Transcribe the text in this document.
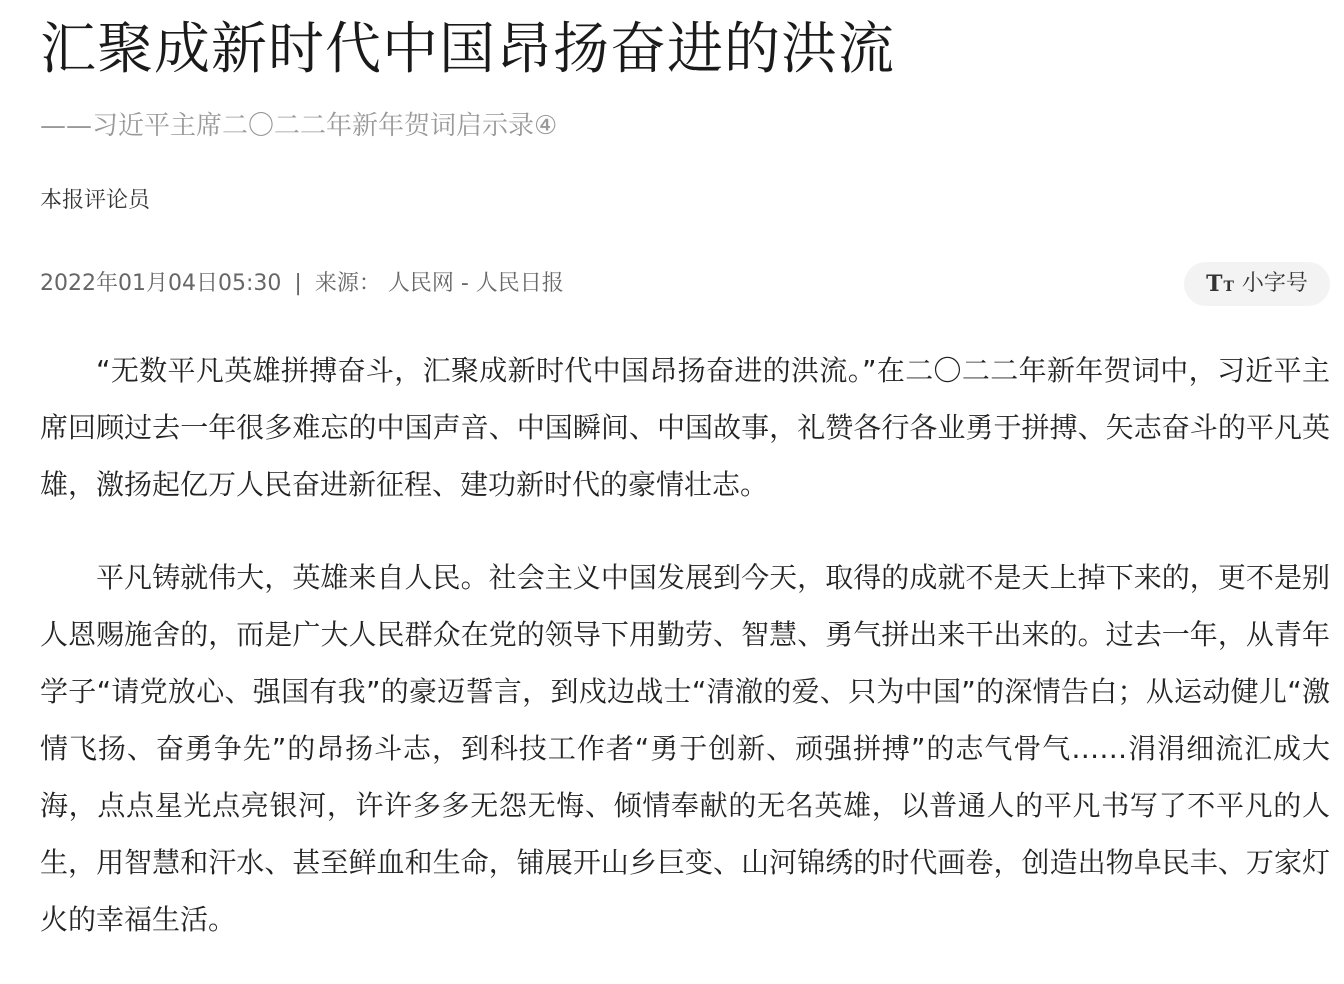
汇聚成新时代中国昂扬奋进的洪流
——习近平主席二〇二二年新年贺词启示录④
本报评论员
2022年01月04日05:30 | 来源： 人民网 - 人民日报	T T 小字号

“无数平凡英雄拼搏奋斗，汇聚成新时代中国昂扬奋进的洪流。”在二〇二二年新年贺词中，习近平主席回顾过去一年很多难忘的中国声音、中国瞬间、中国故事，礼赞各行各业勇于拼搏、矢志奋斗的平凡英雄，激扬起亿万人民奋进新征程、建功新时代的豪情壮志。

平凡铸就伟大，英雄来自人民。社会主义中国发展到今天，取得的成就不是天上掉下来的，更不是别人恩赐施舍的，而是广大人民群众在党的领导下用勤劳、智慧、勇气拼出来干出来的。过去一年，从青年学子“请党放心、强国有我”的豪迈誓言，到戍边战士“清澈的爱、只为中国”的深情告白；从运动健儿“激情飞扬、奋勇争先”的昂扬斗志，到科技工作者“勇于创新、顽强拼搏”的志气骨气……涓涓细流汇成大海，点点星光点亮银河，许许多多无怨无悔、倾情奉献的无名英雄，以普通人的平凡书写了不平凡的人生，用智慧和汗水、甚至鲜血和生命，铺展开山乡巨变、山河锦绣的时代画卷，创造出物阜民丰、万家灯火的幸福生活。
